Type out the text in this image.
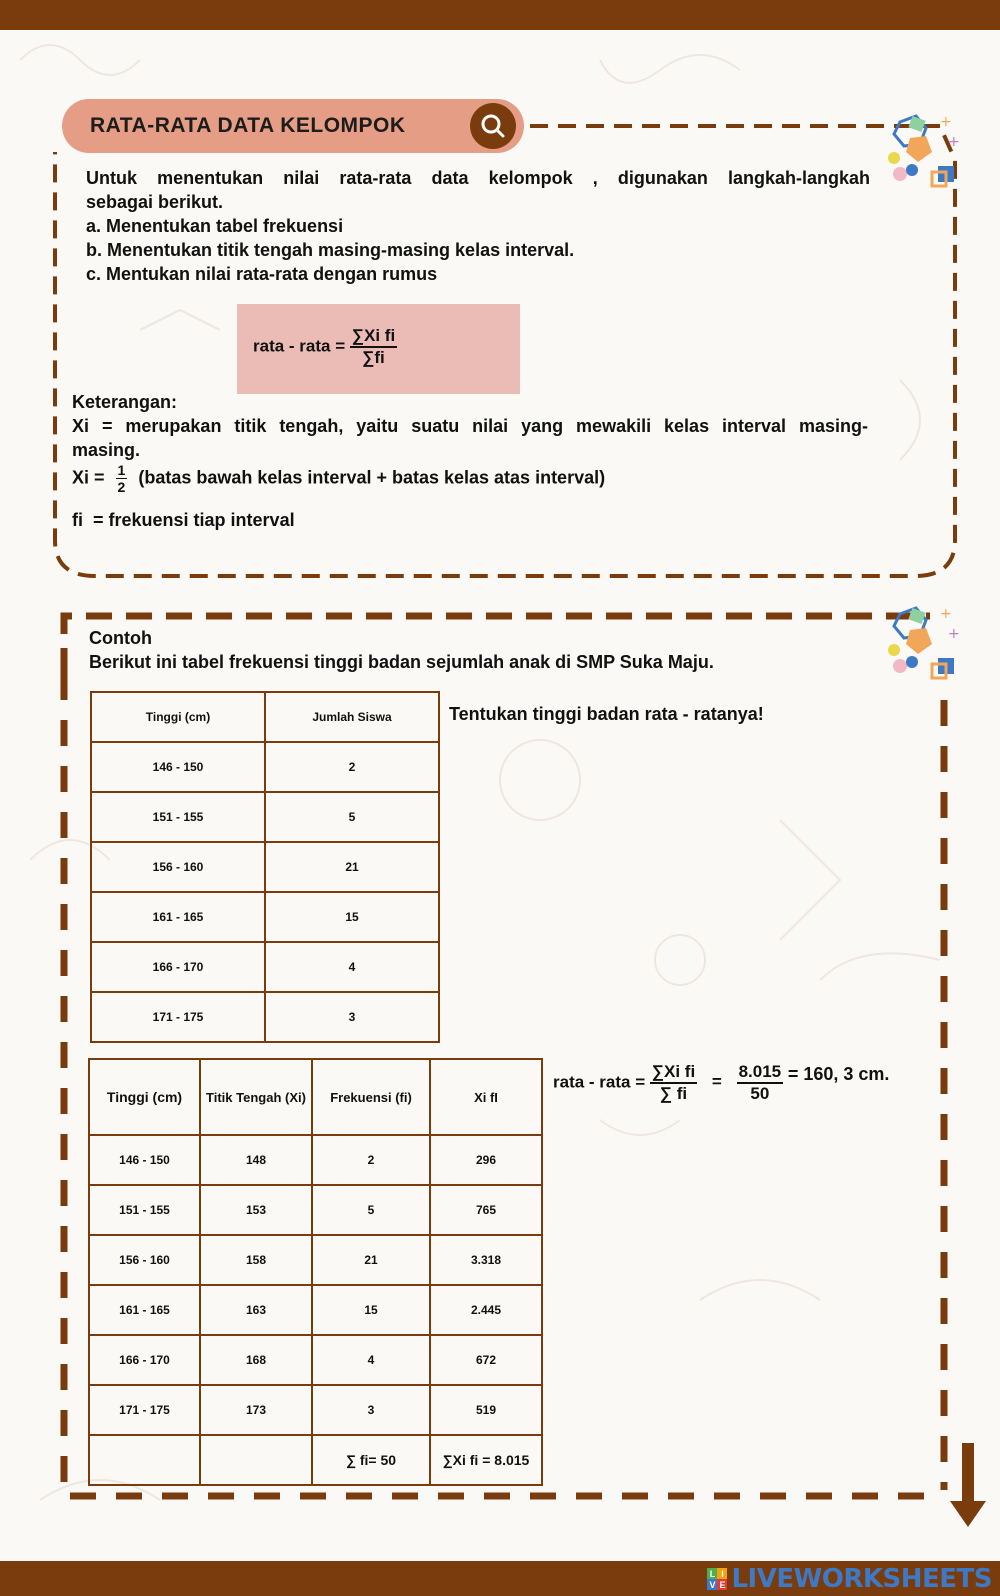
RATA-RATA DATA KELOMPOK	+
+
Untuk menentukan nilai rata-rata data kelompok , digunakan langkah-langkah
sebagai berikut.
a. Menentukan tabel frekuensi
b. Menentukan titik tengah masing-masing kelas interval.
c. Mentukan nilai rata-rata dengan rumus
rata - rata = $\frac{\text{∑Xi fi}}{\sum fi}$
Keterangan:
Xi = merupakan titik tengah, yaitu suatu nilai yang mewakili kelas interval masing-
masing.
$Xi = \frac{1}{2}$ (batas bawah kelas interval + batas kelas atas interval)
fi  = frekuensi tiap interval
+
+
Contoh
Berikut ini tabel frekuensi tinggi badan sejumlah anak di SMP Suka Maju.
Tentukan tinggi badan rata - ratanya!
Tinggi (cm)	Jumlah Siswa
146 - 150	2
151 - 155	5
156 - 160	21
161 - 165	15
166 - 170	4
171 - 175	3
Tinggi (cm)	Titik Tengah (Xi)	Frekuensi (fi)	Xi fI
146 - 150	148	2	296
151 - 155	153	5	765
156 - 160	158	21	3.318
161 - 165	163	15	2.445
166 - 170	168	4	672
171 - 175	173	3	519
		∑ fi= 50	∑Xi fi = 8.015
rata - rata = $\frac{\text{∑Xi fi}}{\sum fi} = \frac{8.015}{50} = 160$, 3 cm.
L I
V E LIVEWORKSHEETS
